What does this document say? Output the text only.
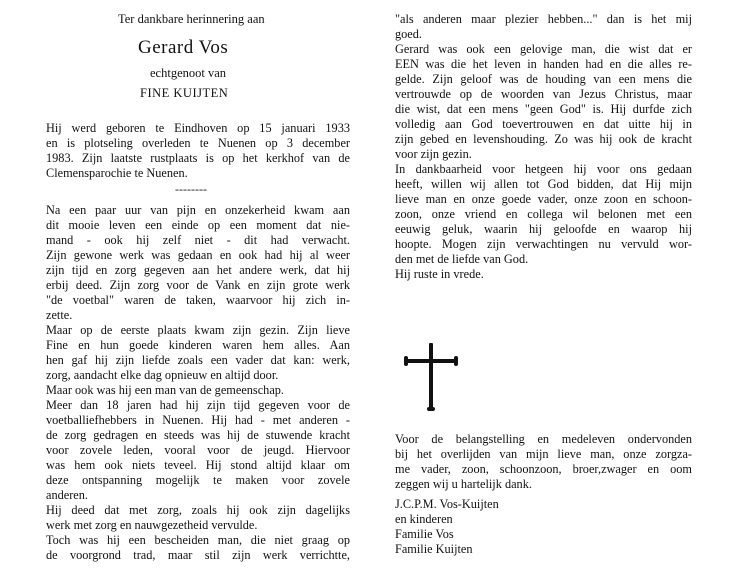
Ter dankbare herinnering aan
Gerard Vos
echtgenoot van
FINE KUIJTEN
Hij werd geboren te Eindhoven op 15 januari 1933
en is plotseling overleden te Nuenen op 3 december
1983. Zijn laatste rustplaats is op het kerkhof van de
Clemensparochie te Nuenen.
--------
Na een paar uur van pijn en onzekerheid kwam aan
dit mooie leven een einde op een moment dat nie-
mand - ook hij zelf niet - dit had verwacht.
Zijn gewone werk was gedaan en ook had hij al weer
zijn tijd en zorg gegeven aan het andere werk, dat hij
erbij deed. Zijn zorg voor de Vank en zijn grote werk
"de voetbal" waren de taken, waarvoor hij zich in-
zette.
Maar op de eerste plaats kwam zijn gezin. Zijn lieve
Fine en hun goede kinderen waren hem alles. Aan
hen gaf hij zijn liefde zoals een vader dat kan: werk,
zorg, aandacht elke dag opnieuw en altijd door.
Maar ook was hij een man van de gemeenschap.
Meer dan 18 jaren had hij zijn tijd gegeven voor de
voetballiefhebbers in Nuenen. Hij had - met anderen -
de zorg gedragen en steeds was hij de stuwende kracht
voor zovele leden, vooral voor de jeugd. Hiervoor
was hem ook niets teveel. Hij stond altijd klaar om
deze ontspanning mogelijk te maken voor zovele
anderen.
Hij deed dat met zorg, zoals hij ook zijn dagelijks
werk met zorg en nauwgezetheid vervulde.
Toch was hij een bescheiden man, die niet graag op
de voorgrond trad, maar stil zijn werk verrichtte,
"als anderen maar plezier hebben..." dan is het mij
goed.
Gerard was ook een gelovige man, die wist dat er
EEN was die het leven in handen had en die alles re-
gelde. Zijn geloof was de houding van een mens die
vertrouwde op de woorden van Jezus Christus, maar
die wist, dat een mens "geen God" is. Hij durfde zich
volledig aan God toevertrouwen en dat uitte hij in
zijn gebed en levenshouding. Zo was hij ook de kracht
voor zijn gezin.
In dankbaarheid voor hetgeen hij voor ons gedaan
heeft, willen wij allen tot God bidden, dat Hij mijn
lieve man en onze goede vader, onze zoon en schoon-
zoon, onze vriend en collega wil belonen met een
eeuwig geluk, waarin hij geloofde en waarop hij
hoopte. Mogen zijn verwachtingen nu vervuld wor-
den met de liefde van God.
Hij ruste in vrede.
Voor de belangstelling en medeleven ondervonden
bij het overlijden van mijn lieve man, onze zorgza-
me vader, zoon, schoonzoon, broer,zwager en oom
zeggen wij u hartelijk dank.
J.C.P.M. Vos-Kuijten
en kinderen
Familie Vos
Familie Kuijten
